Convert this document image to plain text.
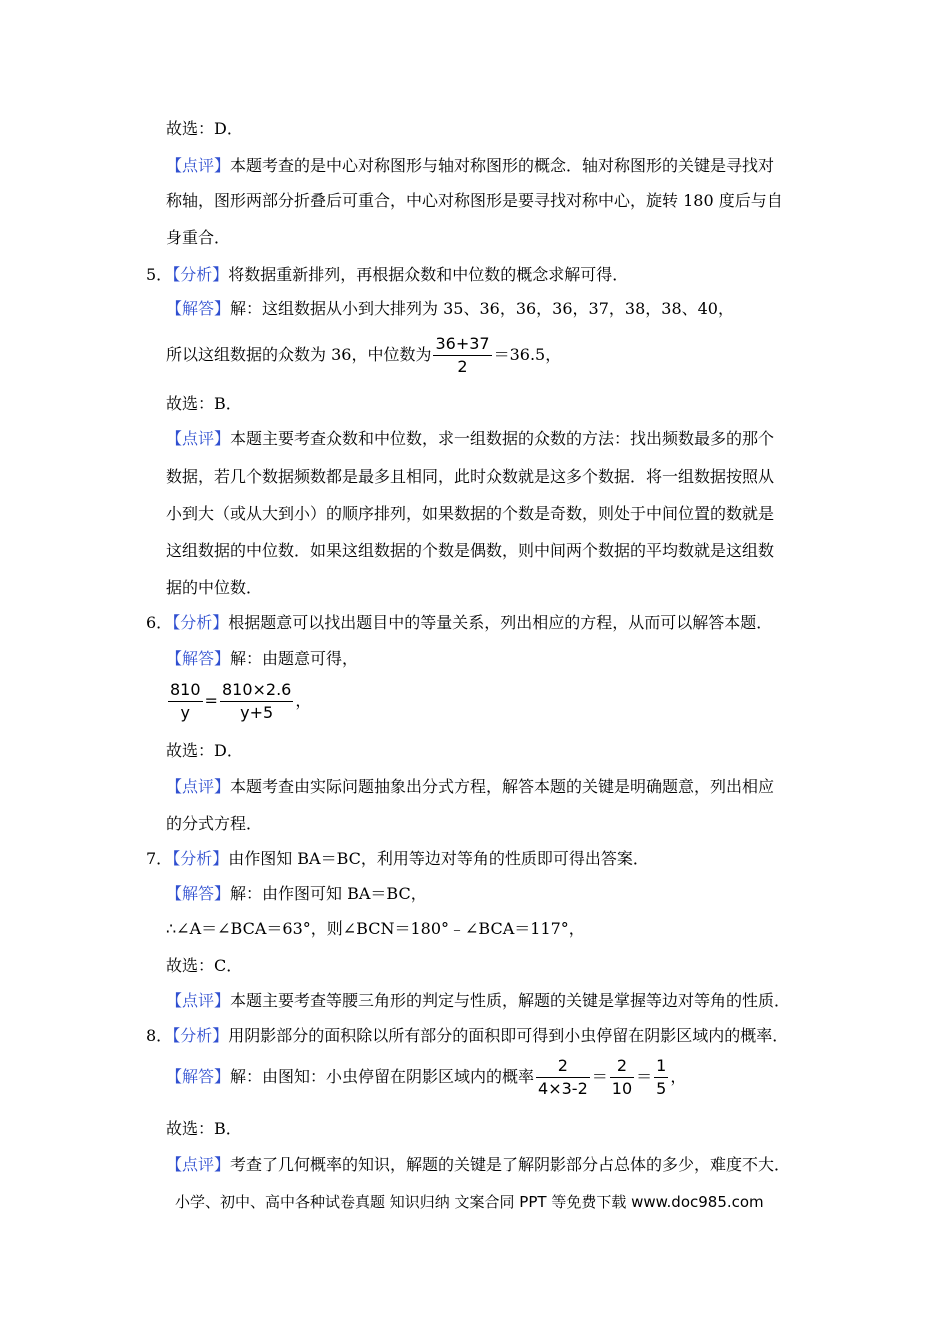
故选：D．
【点评】本题考查的是中心对称图形与轴对称图形的概念．轴对称图形的关键是寻找对
称轴，图形两部分折叠后可重合，中心对称图形是要寻找对称中心，旋转 180 度后与自
身重合．
5．【分析】将数据重新排列，再根据众数和中位数的概念求解可得．
【解答】解：这组数据从小到大排列为 35、36，36，36，37，38，38、40，
所以这组数据的众数为 36，中位数为 $\frac{36+37}{2} =36.5$，
故选：B．
【点评】本题主要考查众数和中位数，求一组数据的众数的方法：找出频数最多的那个
数据，若几个数据频数都是最多且相同，此时众数就是这多个数据．将一组数据按照从
小到大（或从大到小）的顺序排列，如果数据的个数是奇数，则处于中间位置的数就是
这组数据的中位数．如果这组数据的个数是偶数，则中间两个数据的平均数就是这组数
据的中位数．
6．【分析】根据题意可以找出题目中的等量关系，列出相应的方程，从而可以解答本题．
【解答】解：由题意可得，
$\frac{810}{y} = \frac{810\times 2.6}{y+5}$ ，
故选：D．
【点评】本题考查由实际问题抽象出分式方程，解答本题的关键是明确题意，列出相应
的分式方程．
7．【分析】由作图知 BA＝BC，利用等边对等角的性质即可得出答案．
【解答】解：由作图可知 BA＝BC，
∴∠A＝∠BCA＝63°，则∠BCN＝180°﹣∠BCA＝117°，
故选：C．
【点评】本题主要考查等腰三角形的判定与性质，解题的关键是掌握等边对等角的性质．
8．【分析】用阴影部分的面积除以所有部分的面积即可得到小虫停留在阴影区域内的概率．
【解答】解：由图知：小虫停留在阴影区域内的概率 $\frac{2}{4\times 3-2} = \frac{2}{10} = \frac{1}{5}$ ，
故选：B．
【点评】考查了几何概率的知识，解题的关键是了解阴影部分占总体的多少，难度不大．
小学、初中、高中各种试卷真题 知识归纳 文案合同 PPT 等免费下载 www.doc985.com
